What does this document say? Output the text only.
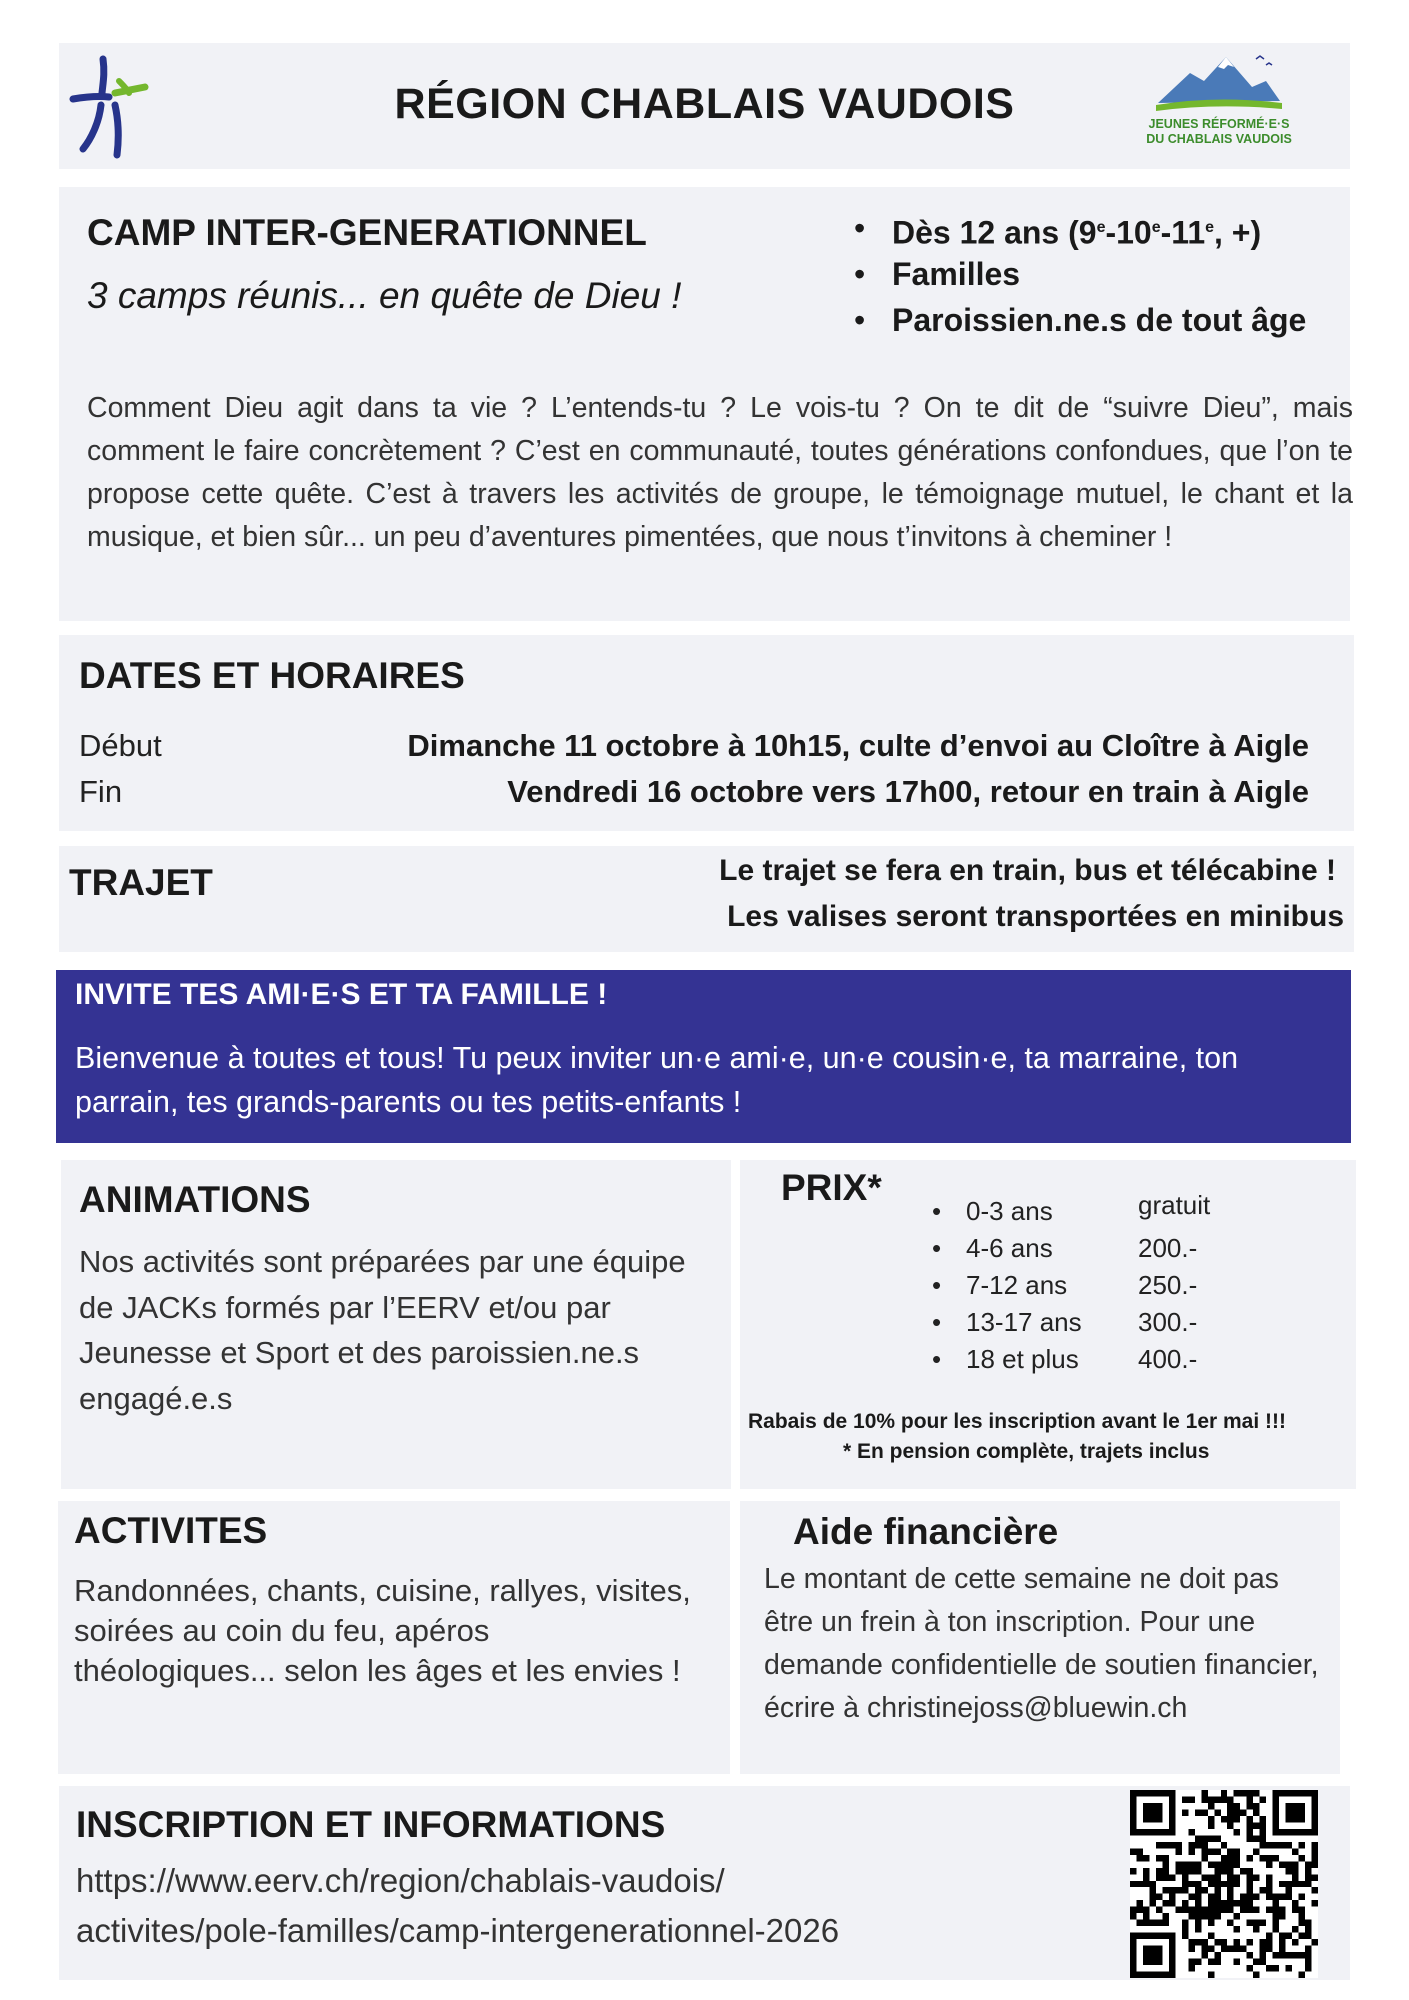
RÉGION CHABLAIS VAUDOIS	JEUNES RÉFORMÉ·E·S
DU CHABLAIS VAUDOIS
CAMP INTER-GENERATIONNEL
3 camps réunis... en quête de Dieu !
• Dès 12 ans ($9^e-10^e-11^e$, +)
• Familles
• Paroissien.ne.s de tout âge
Comment Dieu agit dans ta vie ? L’entends-tu ? Le vois-tu ? On te dit de “suivre Dieu”, mais comment le faire concrètement ? C’est en communauté, toutes générations confondues, que l’on te propose cette quête. C’est à travers les activités de groupe, le témoignage mutuel, le chant et la musique, et bien sûr... un peu d’aventures pimentées, que nous t’invitons à cheminer !
DATES ET HORAIRES
Début	Dimanche 11 octobre à 10h15, culte d’envoi au Cloître à Aigle
Fin	Vendredi 16 octobre vers 17h00, retour en train à Aigle
TRAJET	Le trajet se fera en train, bus et télécabine !
Les valises seront transportées en minibus
INVITE TES AMI·E·S ET TA FAMILLE !
Bienvenue à toutes et tous! Tu peux inviter un·e ami·e, un·e cousin·e, ta marraine, ton parrain, tes grands-parents ou tes petits-enfants !
ANIMATIONS
Nos activités sont préparées par une équipe de JACKs formés par l’EERV et/ou par Jeunesse et Sport et des paroissien.ne.s engagé.e.s
PRIX*
• 0-3 ans	gratuit
• 4-6 ans	200.-
• 7-12 ans	250.-
• 13-17 ans 300.-
• 18 et plus 400.-
Rabais de 10% pour les inscription avant le 1er mai !!!
* En pension complète, trajets inclus
ACTIVITES
Randonnées, chants, cuisine, rallyes, visites, soirées au coin du feu, apéros théologiques... selon les âges et les envies !
Aide financière
Le montant de cette semaine ne doit pas être un frein à ton inscription. Pour une demande confidentielle de soutien financier, écrire à christinejoss@bluewin.ch
INSCRIPTION ET INFORMATIONS
https://www.eerv.ch/region/chablais-vaudois/
activites/pole-familles/camp-intergenerationnel-2026
